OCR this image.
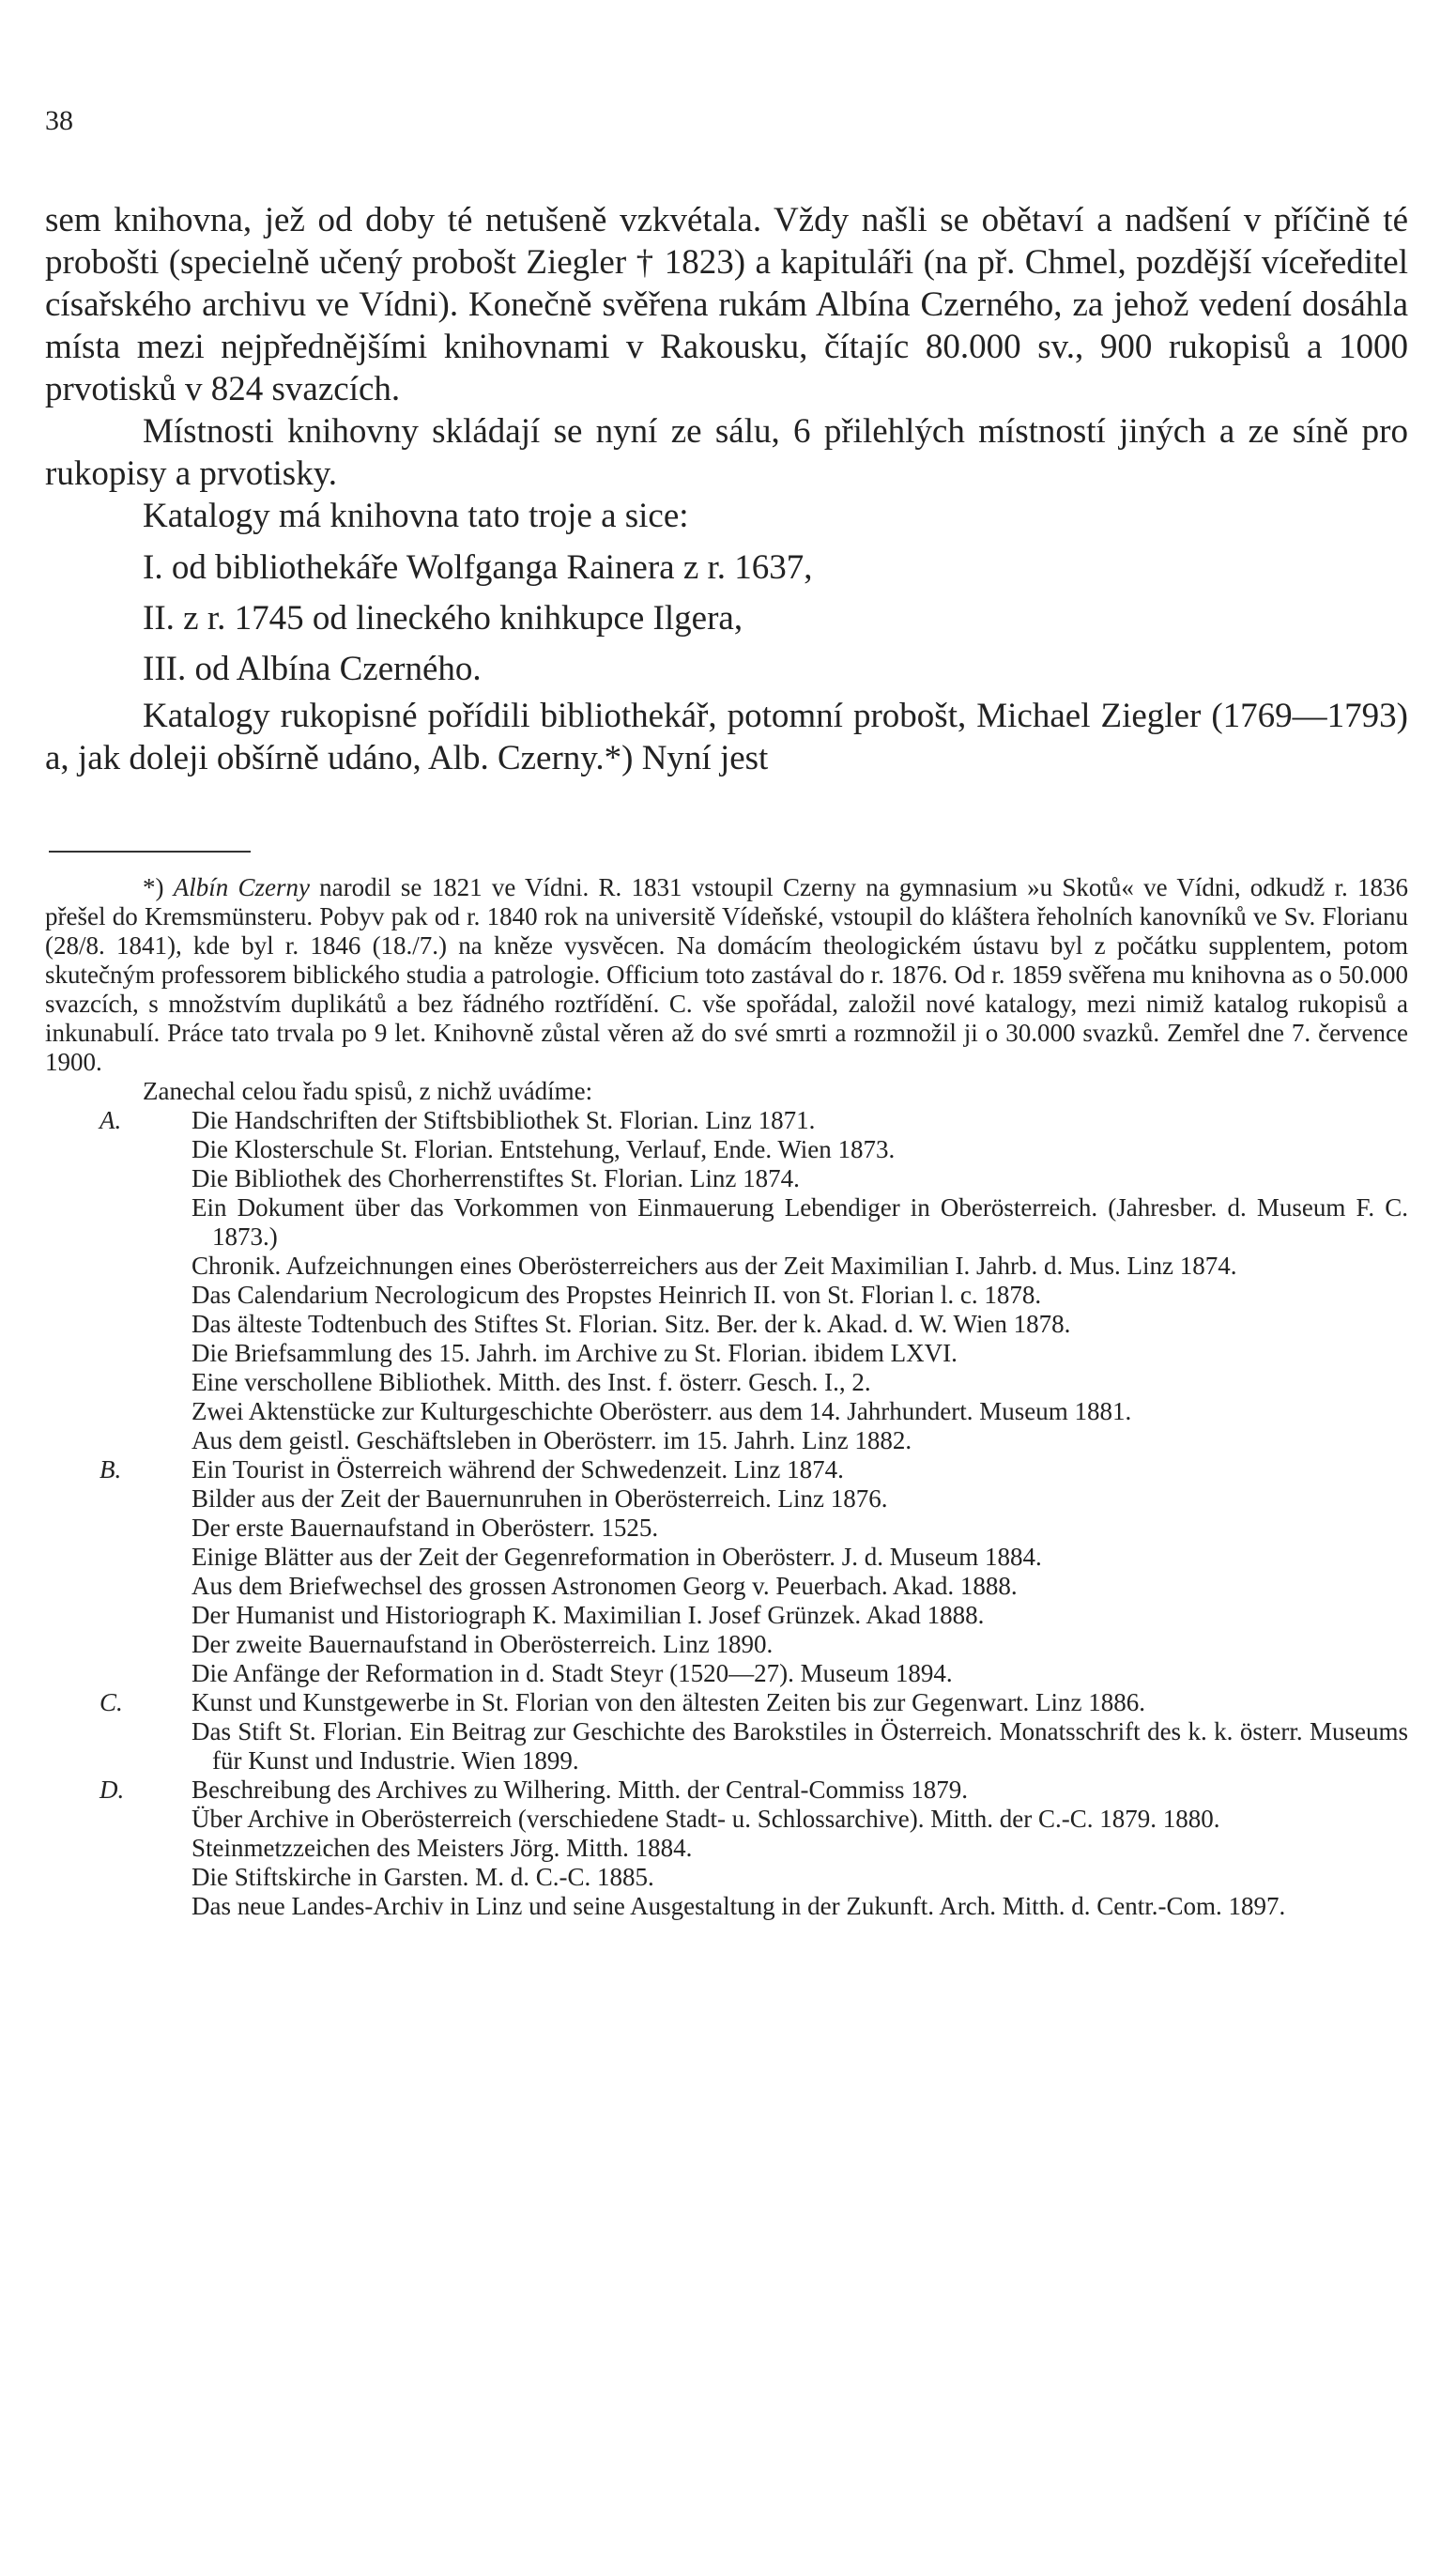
38

sem knihovna, jež od doby té netušeně vzkvétala. Vždy našli se obětaví a nadšení v příčině té probošti (specielně učený probošt Ziegler † 1823) a kapituláři (na př. Chmel, pozdější víceředitel císařského archivu ve Vídni). Konečně svěřena rukám Albína Czerného, za jehož vedení dosáhla místa mezi nejpřednějšími knihovnami v Rakousku, čítajíc 80.000 sv., 900 rukopisů a 1000 prvotisků v 824 svazcích.

Místnosti knihovny skládají se nyní ze sálu, 6 přilehlých místností jiných a ze síně pro rukopisy a prvotisky.

Katalogy má knihovna tato troje a sice:

I. od bibliothekáře Wolfganga Rainera z r. 1637,
II. z r. 1745 od lineckého knihkupce Ilgera,
III. od Albína Czerného.

Katalogy rukopisné pořídili bibliothekář, potomní probošt, Michael Ziegler (1769—1793) a, jak doleji obšírně udáno, Alb. Czerny.*) Nyní jest

*) Albín Czerny narodil se 1821 ve Vídni. R. 1831 vstoupil Czerny na gymnasium »u Skotů« ve Vídni, odkudž r. 1836 přešel do Kremsmünsteru. Pobyv pak od r. 1840 rok na universitě Vídeňské, vstoupil do kláštera řeholních kanovníků ve Sv. Florianu (28/8. 1841), kde byl r. 1846 (18./7.) na kněze vysvěcen. Na domácím theologickém ústavu byl z počátku supplentem, potom skutečným professorem biblického studia a patrologie. Officium toto zastával do r. 1876. Od r. 1859 svěřena mu knihovna as o 50.000 svazcích, s množstvím duplikátů a bez řádného roztřídění. C. vše spořádal, založil nové katalogy, mezi nimiž katalog rukopisů a inkunabulí. Práce tato trvala po 9 let. Knihovně zůstal věren až do své smrti a rozmnožil ji o 30.000 svazků. Zemřel dne 7. července 1900.

Zanechal celou řadu spisů, z nichž uvádíme:

A.	Die Handschriften der Stiftsbibliothek St. Florian. Linz 1871.

Die Klosterschule St. Florian. Entstehung, Verlauf, Ende. Wien 1873.

Die Bibliothek des Chorherrenstiftes St. Florian. Linz 1874.

Ein Dokument über das Vorkommen von Einmauerung Lebendiger in Oberösterreich. (Jahresber. d. Museum F. C. 1873.)

Chronik. Aufzeichnungen eines Oberösterreichers aus der Zeit Maximilian I. Jahrb. d. Mus. Linz 1874.

Das Calendarium Necrologicum des Propstes Heinrich II. von St. Florian l. c. 1878.

Das älteste Todtenbuch des Stiftes St. Florian. Sitz. Ber. der k. Akad. d. W. Wien 1878.

Die Briefsammlung des 15. Jahrh. im Archive zu St. Florian. ibidem LXVI.

Eine verschollene Bibliothek. Mitth. des Inst. f. österr. Gesch. I., 2.

Zwei Aktenstücke zur Kulturgeschichte Oberösterr. aus dem 14. Jahrhundert. Museum 1881.

Aus dem geistl. Geschäftsleben in Oberösterr. im 15. Jahrh. Linz 1882.

B.	Ein Tourist in Österreich während der Schwedenzeit. Linz 1874.

Bilder aus der Zeit der Bauernunruhen in Oberösterreich. Linz 1876.

Der erste Bauernaufstand in Oberösterr. 1525.

Einige Blätter aus der Zeit der Gegenreformation in Oberösterr. J. d. Museum 1884.

Aus dem Briefwechsel des grossen Astronomen Georg v. Peuerbach. Akad. 1888.

Der Humanist und Historiograph K. Maximilian I. Josef Grünzek. Akad 1888.

Der zweite Bauernaufstand in Oberösterreich. Linz 1890.

Die Anfänge der Reformation in d. Stadt Steyr (1520—27). Museum 1894.

C.	Kunst und Kunstgewerbe in St. Florian von den ältesten Zeiten bis zur Gegenwart. Linz 1886.

Das Stift St. Florian. Ein Beitrag zur Geschichte des Barokstiles in Österreich. Monatsschrift des k. k. österr. Museums für Kunst und Industrie. Wien 1899.

D.	Beschreibung des Archives zu Wilhering. Mitth. der Central-Commiss 1879.

Über Archive in Oberösterreich (verschiedene Stadt- u. Schlossarchive). Mitth. der C.-C. 1879. 1880.

Steinmetzzeichen des Meisters Jörg. Mitth. 1884.

Die Stiftskirche in Garsten. M. d. C.-C. 1885.

Das neue Landes-Archiv in Linz und seine Ausgestaltung in der Zukunft. Arch. Mitth. d. Centr.-Com. 1897.
